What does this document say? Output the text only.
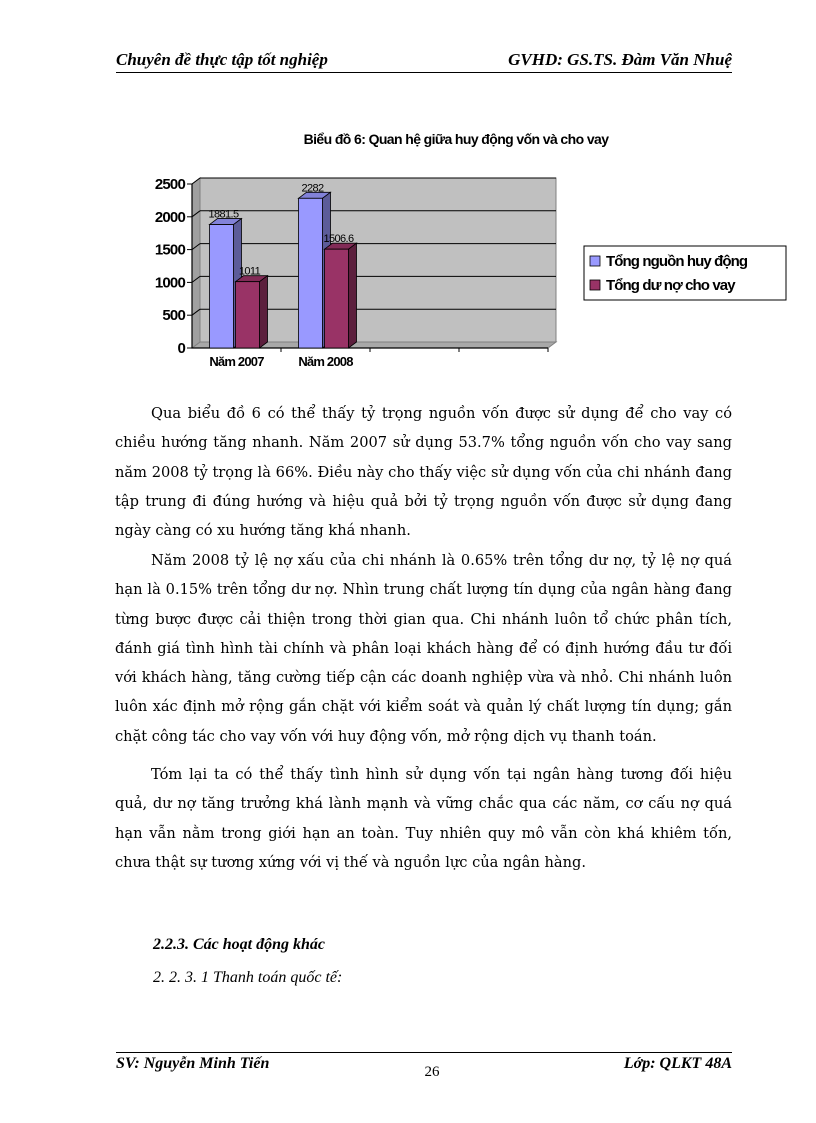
Chuyên đề thực tập tốt nghiệp	GVHD: GS.TS. Đàm Văn Nhuệ
Biểu đồ 6: Quan hệ giữa huy động vốn và cho vay
0
500
1000
1500
2000
2500
1881.5
1011
Năm 2007
2282
1506.6
Năm 2008
Tổng nguồn huy động
Tổng dư nợ cho vay

Qua biểu đồ 6 có thể thấy tỷ trọng nguồn vốn được sử dụng để cho vay có chiều hướng tăng nhanh. Năm 2007 sử dụng 53.7% tổng nguồn vốn cho vay sang năm 2008 tỷ trọng là 66%. Điều này cho thấy việc sử dụng vốn của chi nhánh đang tập trung đi đúng hướng và hiệu quả bởi tỷ trọng nguồn vốn được sử dụng đang ngày càng có xu hướng tăng khá nhanh.

Năm 2008 tỷ lệ nợ xấu của chi nhánh là 0.65% trên tổng dư nợ, tỷ lệ nợ quá hạn là 0.15% trên tổng dư nợ. Nhìn trung chất lượng tín dụng của ngân hàng đang từng bược được cải thiện trong thời gian qua. Chi nhánh luôn tổ chức phân tích, đánh giá tình hình tài chính và phân loại khách hàng để có định hướng đầu tư đối với khách hàng, tăng cường tiếp cận các doanh nghiệp vừa và nhỏ. Chi nhánh luôn luôn xác định mở rộng gắn chặt với kiểm soát và quản lý chất lượng tín dụng; gắn chặt công tác cho vay vốn với huy động vốn, mở rộng dịch vụ thanh toán.

Tóm lại ta có thể thấy tình hình sử dụng vốn tại ngân hàng tương đối hiệu quả, dư nợ tăng trưởng khá lành mạnh và vững chắc qua các năm, cơ cấu nợ quá hạn vẫn nằm trong giới hạn an toàn. Tuy nhiên quy mô vẫn còn khá khiêm tốn, chưa thật sự tương xứng với vị thế và nguồn lực của ngân hàng.

2.2.3. Các hoạt động khác
2. 2. 3. 1 Thanh toán quốc tế:
SV: Nguyễn Minh Tiến	26	Lớp: QLKT 48A
